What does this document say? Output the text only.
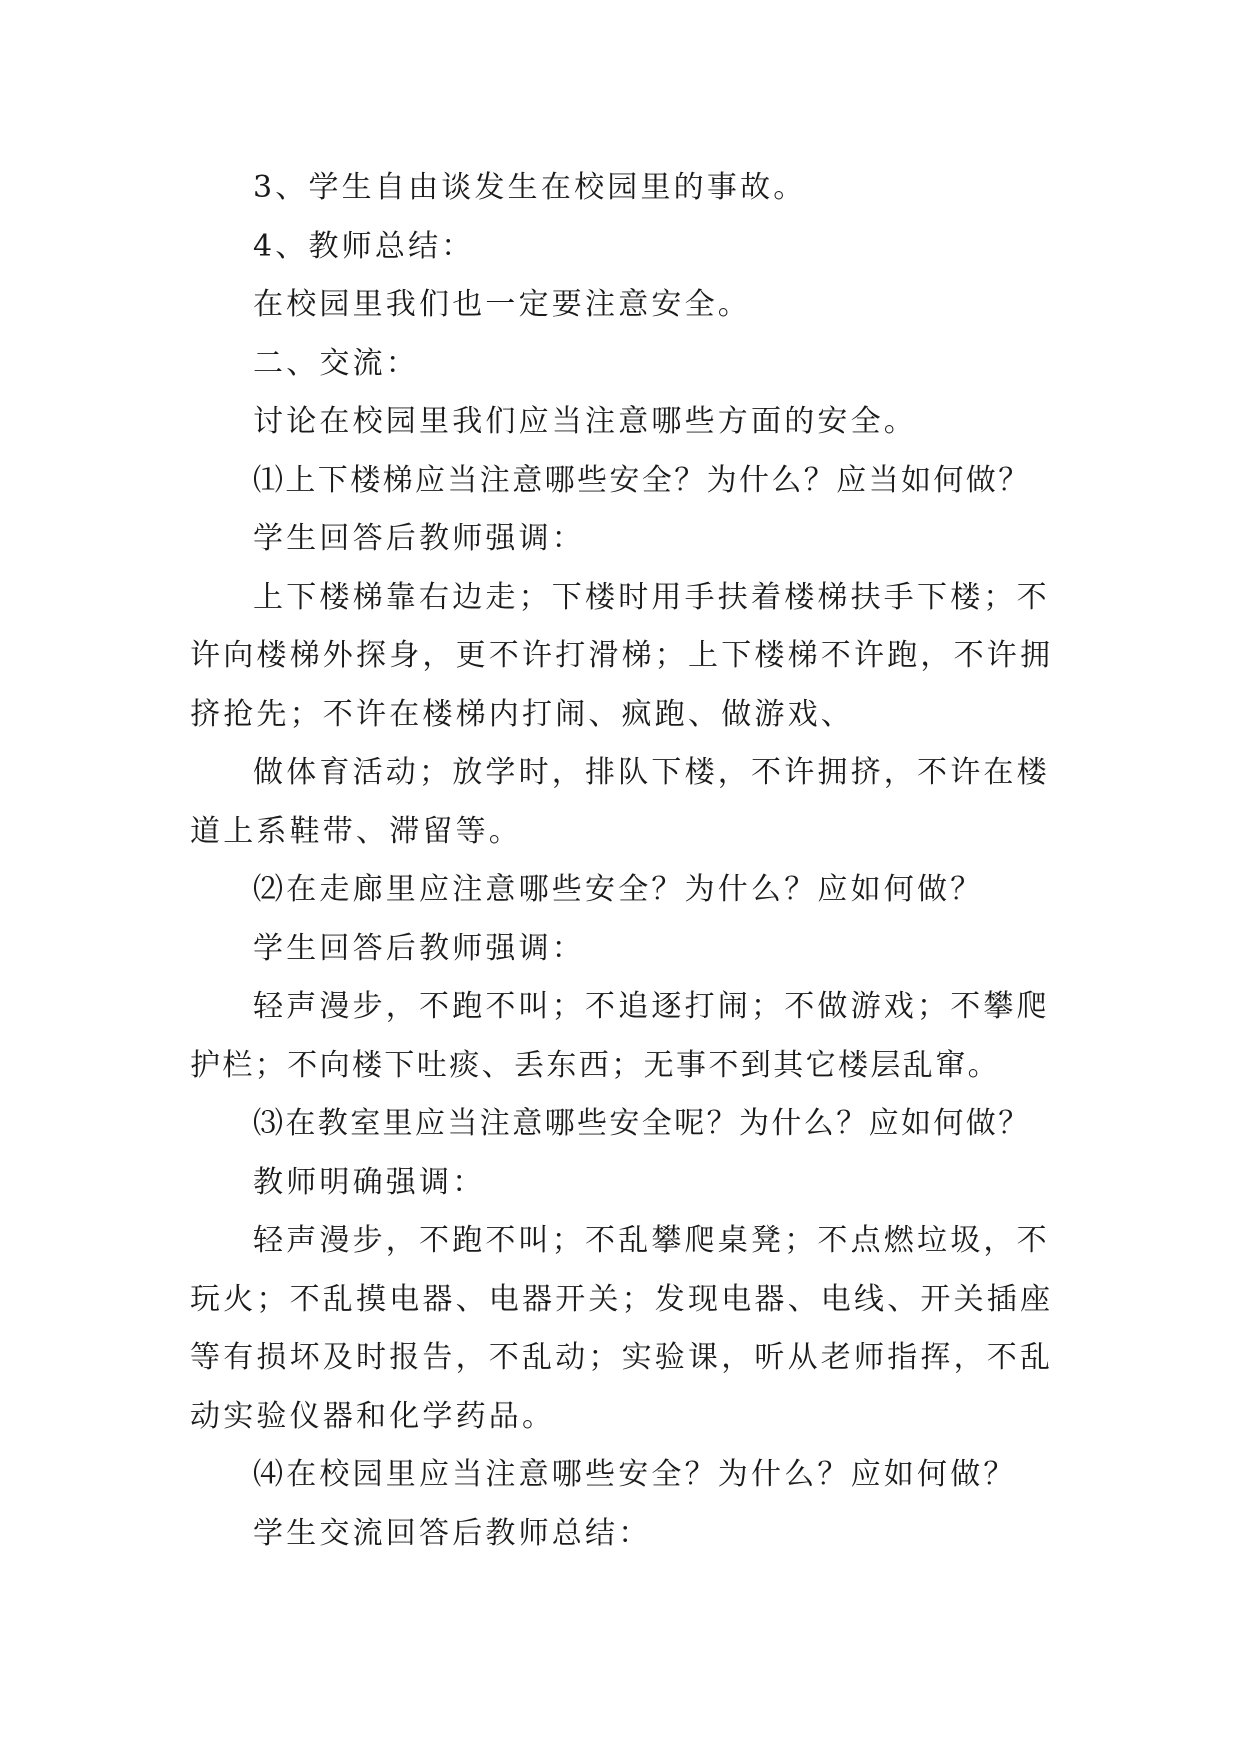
3、学生自由谈发生在校园里的事故。
4、教师总结：
在校园里我们也一定要注意安全。
二、交流：
讨论在校园里我们应当注意哪些方面的安全。
⑴上下楼梯应当注意哪些安全？为什么？应当如何做？
学生回答后教师强调：
上下楼梯靠右边走；下楼时用手扶着楼梯扶手下楼；不
许向楼梯外探身，更不许打滑梯；上下楼梯不许跑，不许拥
挤抢先；不许在楼梯内打闹、疯跑、做游戏、
做体育活动；放学时，排队下楼，不许拥挤，不许在楼
道上系鞋带、滞留等。
⑵在走廊里应注意哪些安全？为什么？应如何做？
学生回答后教师强调：
轻声漫步，不跑不叫；不追逐打闹；不做游戏；不攀爬
护栏；不向楼下吐痰、丢东西；无事不到其它楼层乱窜。
⑶在教室里应当注意哪些安全呢？为什么？应如何做？
教师明确强调：
轻声漫步，不跑不叫；不乱攀爬桌凳；不点燃垃圾，不
玩火；不乱摸电器、电器开关；发现电器、电线、开关插座
等有损坏及时报告，不乱动；实验课，听从老师指挥，不乱
动实验仪器和化学药品。
⑷在校园里应当注意哪些安全？为什么？应如何做？
学生交流回答后教师总结：
